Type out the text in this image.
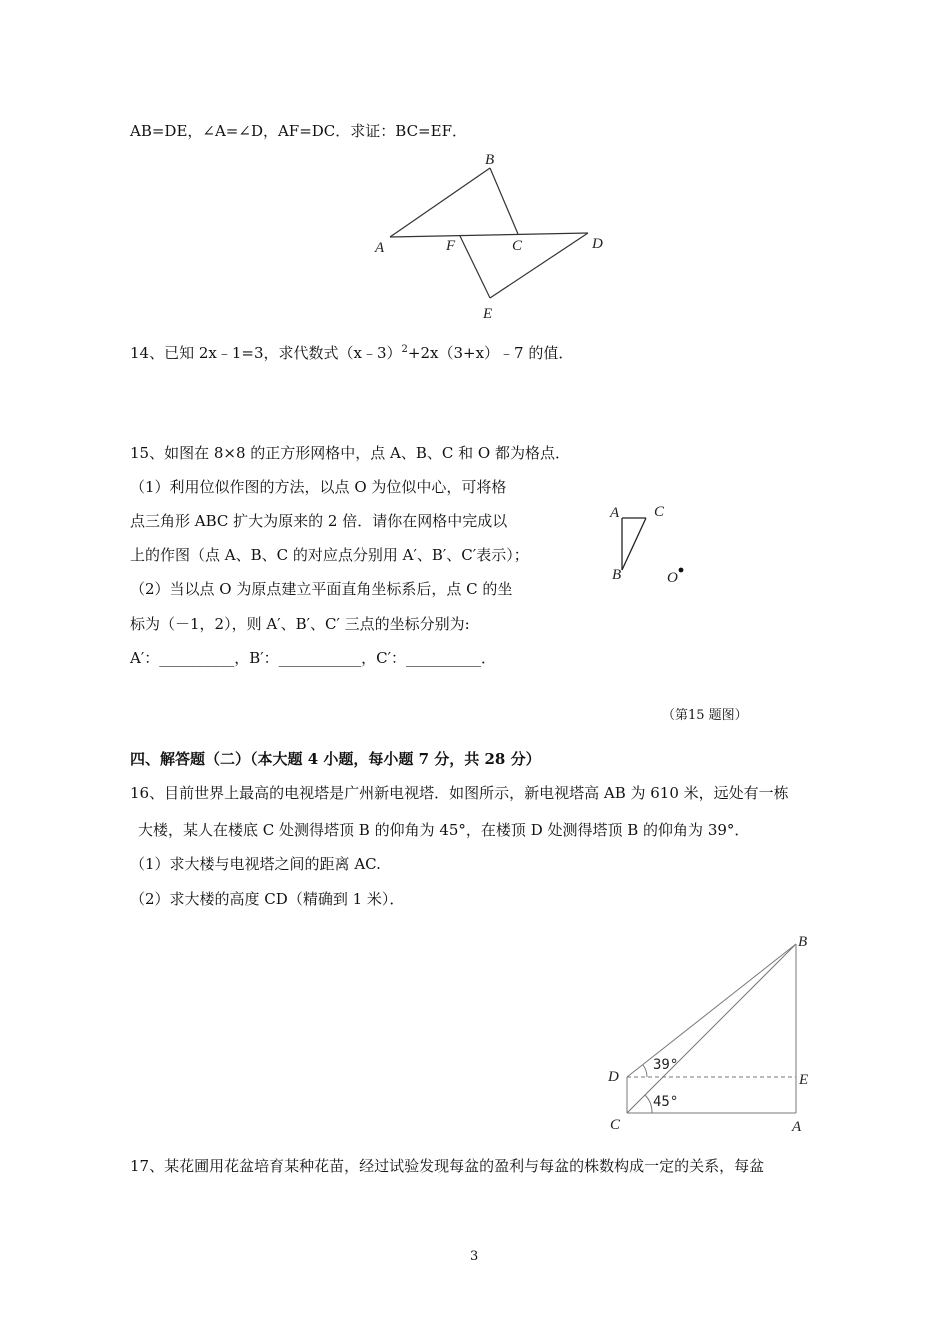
AB=DE，∠A=∠D，AF=DC．求证：BC=EF．
A
B
C	D
E
F
14、已知 2x﹣1=3，求代数式（x﹣3）$^2$+2x（3+x）﹣7 的值．
15、如图在 8×8 的正方形网格中，点 A、B、C 和 O 都为格点．
（1）利用位似作图的方法，以点 O 为位似中心，可将格
点三角形 ABC 扩大为原来的 2 倍．请你在网格中完成以
上的作图（点 A、B、C 的对应点分别用 A′、B′、C′表示）；
（2）当以点 O 为原点建立平面直角坐标系后，点 C 的坐
标为（－1，2），则 A′、B′、C′ 三点的坐标分别为:
A′：__________，B′：___________，C′：__________．
A C
B	O
（第15 题图）
四、解答题（二）（本大题 4 小题，每小题 7 分，共 28 分）
16、目前世界上最高的电视塔是广州新电视塔．如图所示，新电视塔高 AB 为 610 米，远处有一栋
大楼，某人在楼底 C 处测得塔顶 B 的仰角为 45°，在楼顶 D 处测得塔顶 B 的仰角为 39°．
（1）求大楼与电视塔之间的距离 AC.
（2）求大楼的高度 CD（精确到 1 米）．
B
D	E
C	A
39°
45°
17、某花圃用花盆培育某种花苗，经过试验发现每盆的盈利与每盆的株数构成一定的关系，每盆
3
